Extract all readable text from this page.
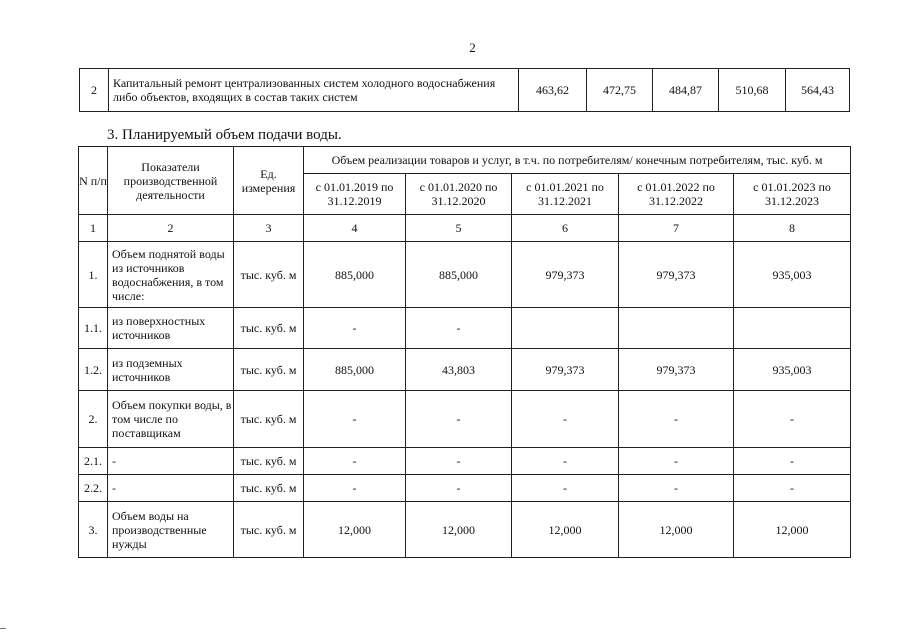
2
2	Капитальный ремонт централизованных систем холодного водоснабжения либо объектов, входящих в состав таких систем	463,62	472,75	484,87	510,68	564,43
3. Планируемый объем подачи воды.
N п/п	Показатели производственной деятельности	Ед. измерения	Объем реализации товаров и услуг, в т.ч. по потребителям/ конечным потребителям, тыс. куб. м				
			с 01.01.2019 по 31.12.2019	с 01.01.2020 по 31.12.2020	с 01.01.2021 по 31.12.2021	с 01.01.2022 по 31.12.2022	с 01.01.2023 по 31.12.2023
1	2	3	4	5	6	7	8
1.	Объем поднятой воды из источников водоснабжения, в том числе:	тыс. куб. м	885,000	885,000	979,373	979,373	935,003
1.1.	из поверхностных источников	тыс. куб. м	-	-			
1.2.	из подземных источников	тыс. куб. м	885,000	43,803	979,373	979,373	935,003
2.	Объем покупки воды, в том числе по поставщикам	тыс. куб. м	-	-	-	-	-
2.1.	-	тыс. куб. м	-	-	-	-	-
2.2.	-	тыс. куб. м	-	-	-	-	-
3.	Объем воды на производственные нужды	тыс. куб. м	12,000	12,000	12,000	12,000	12,000
